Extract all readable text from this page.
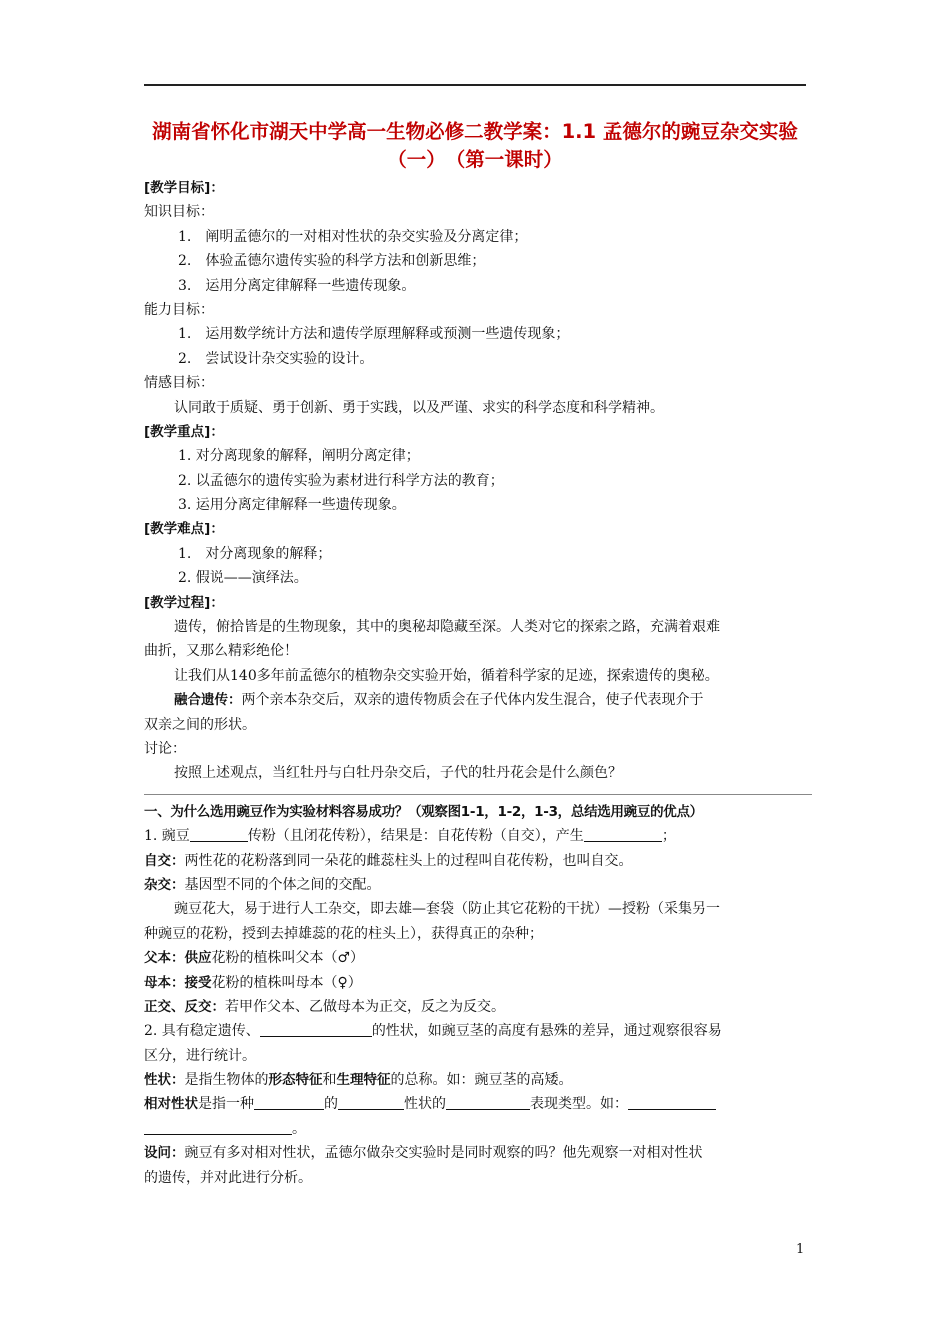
湖南省怀化市湖天中学高一生物必修二教学案：1.1 孟德尔的豌豆杂交实验（一）　（第一课时）
[教学目标]：
知识目标：
1.　阐明孟德尔的一对相对性状的杂交实验及分离定律；
2.　体验孟德尔遗传实验的科学方法和创新思维；
3.　运用分离定律解释一些遗传现象。
能力目标：
1.　运用数学统计方法和遗传学原理解释或预测一些遗传现象；
2.　尝试设计杂交实验的设计。
情感目标：
认同敢于质疑、勇于创新、勇于实践，以及严谨、求实的科学态度和科学精神。
[教学重点]：
1. 对分离现象的解释，阐明分离定律；
2. 以孟德尔的遗传实验为素材进行科学方法的教育；
3. 运用分离定律解释一些遗传现象。
[教学难点]：
1.　对分离现象的解释；
2. 假说——演绎法。
[教学过程]：
遗传，俯拾皆是的生物现象，其中的奥秘却隐藏至深。人类对它的探索之路，充满着艰难
曲折，又那么精彩绝伦！
让我们从140多年前孟德尔的植物杂交实验开始，循着科学家的足迹，探索遗传的奥秘。
融合遗传：两个亲本杂交后，双亲的遗传物质会在子代体内发生混合，使子代表现介于
双亲之间的形状。
讨论：
按照上述观点，当红牡丹与白牡丹杂交后，子代的牡丹花会是什么颜色？
一、为什么选用豌豆作为实验材料容易成功？（观察图1-1，1-2，1-3，总结选用豌豆的优点）
1. 豌豆	传粉（且闭花传粉），结果是：自花传粉（自交），产生	；
自交：两性花的花粉落到同一朵花的雌蕊柱头上的过程叫自花传粉，也叫自交。
杂交：基因型不同的个体之间的交配。
豌豆花大，易于进行人工杂交，即去雄—套袋（防止其它花粉的干扰）—授粉（采集另一
种豌豆的花粉，授到去掉雄蕊的花的柱头上），获得真正的杂种；
父本：供应花粉的植株叫父本（♂）
母本：接受花粉的植株叫母本（♀）
正交、反交：若甲作父本、乙做母本为正交，反之为反交。
2. 具有稳定遗传、	的性状，如豌豆茎的高度有悬殊的差异，通过观察很容易
区分，进行统计。
性状：是指生物体的形态特征和生理特征的总称。如：豌豆茎的高矮。
相对性状是指一种	的	性状的	表现类型。如：
。
设问：豌豆有多对相对性状，孟德尔做杂交实验时是同时观察的吗？他先观察一对相对性状
的遗传，并对此进行分析。
1
